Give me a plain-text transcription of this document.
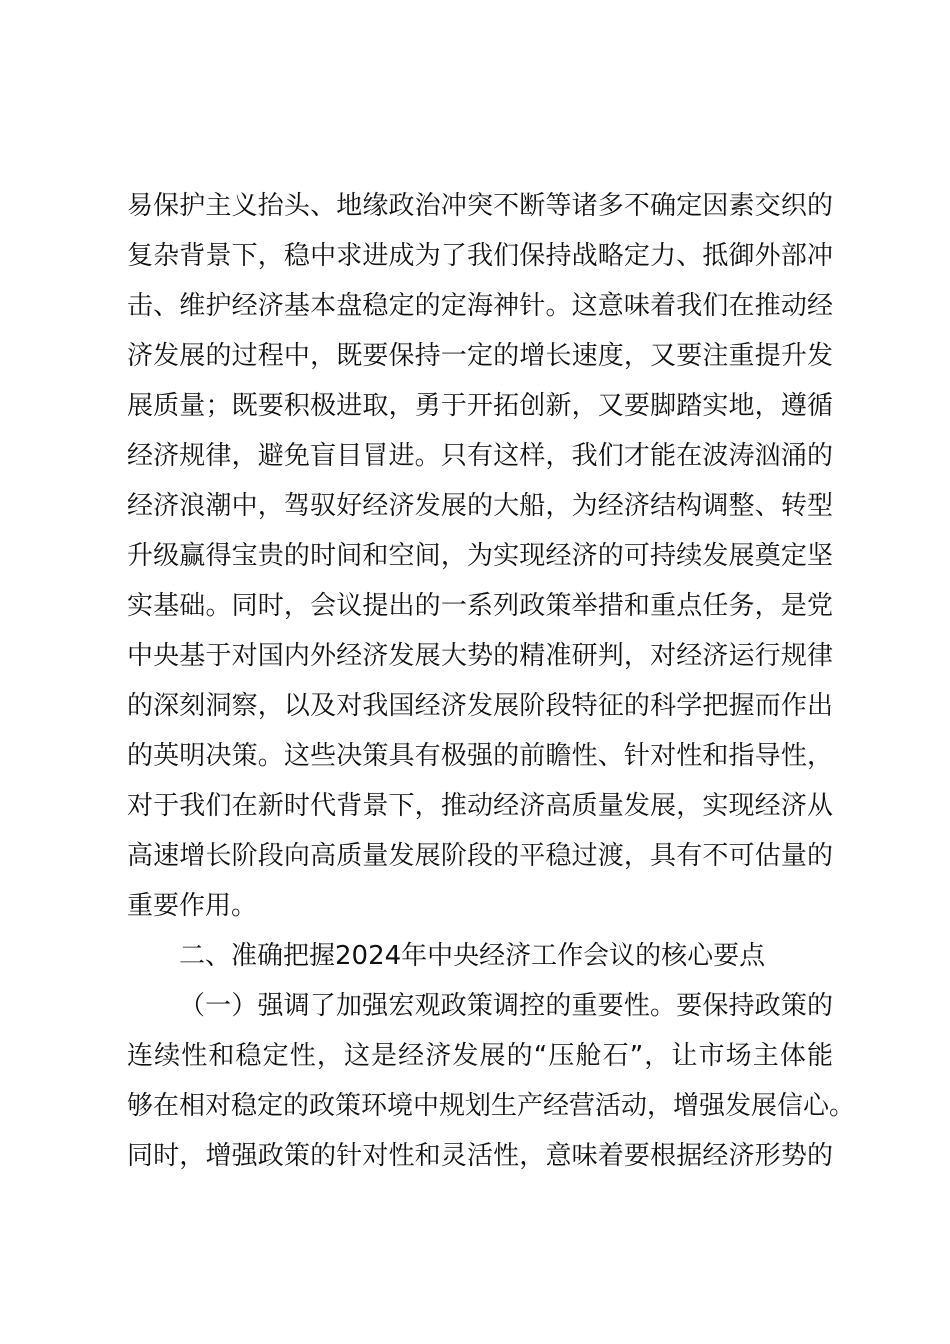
易保护主义抬头、地缘政治冲突不断等诸多不确定因素交织的
复杂背景下，稳中求进成为了我们保持战略定力、抵御外部冲
击、维护经济基本盘稳定的定海神针。这意味着我们在推动经
济发展的过程中，既要保持一定的增长速度，又要注重提升发
展质量；既要积极进取，勇于开拓创新，又要脚踏实地，遵循
经济规律，避免盲目冒进。只有这样，我们才能在波涛汹涌的
经济浪潮中，驾驭好经济发展的大船，为经济结构调整、转型
升级赢得宝贵的时间和空间，为实现经济的可持续发展奠定坚
实基础。同时，会议提出的一系列政策举措和重点任务，是党
中央基于对国内外经济发展大势的精准研判，对经济运行规律
的深刻洞察，以及对我国经济发展阶段特征的科学把握而作出
的英明决策。这些决策具有极强的前瞻性、针对性和指导性，
对于我们在新时代背景下，推动经济高质量发展，实现经济从
高速增长阶段向高质量发展阶段的平稳过渡，具有不可估量的
重要作用。
二、准确把握2024年中央经济工作会议的核心要点
（一）强调了加强宏观政策调控的重要性。要保持政策的
连续性和稳定性，这是经济发展的“压舱石”，让市场主体能
够在相对稳定的政策环境中规划生产经营活动，增强发展信心。
同时，增强政策的针对性和灵活性，意味着要根据经济形势的
